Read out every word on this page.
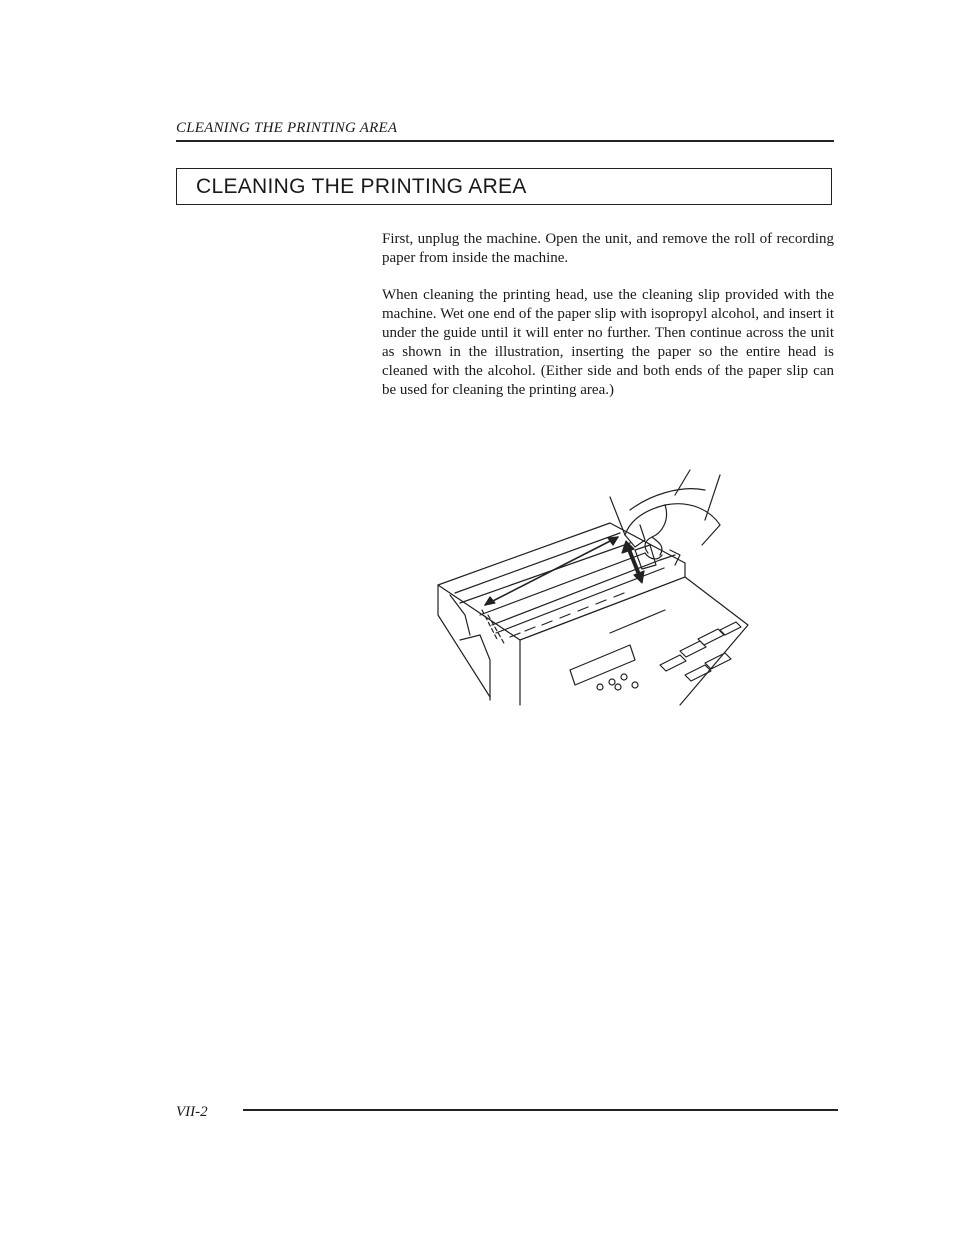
CLEANING THE PRINTING AREA
CLEANING THE PRINTING AREA

First, unplug the machine. Open the unit, and remove the roll of recording paper from inside the machine.

When cleaning the printing head, use the cleaning slip provided with the machine. Wet one end of the paper slip with isopropyl alcohol, and insert it under the guide until it will enter no further. Then continue across the unit as shown in the illustration, inserting the paper so the entire head is cleaned with the alcohol. (Either side and both ends of the paper slip can be used for cleaning the printing area.)

VII-2
